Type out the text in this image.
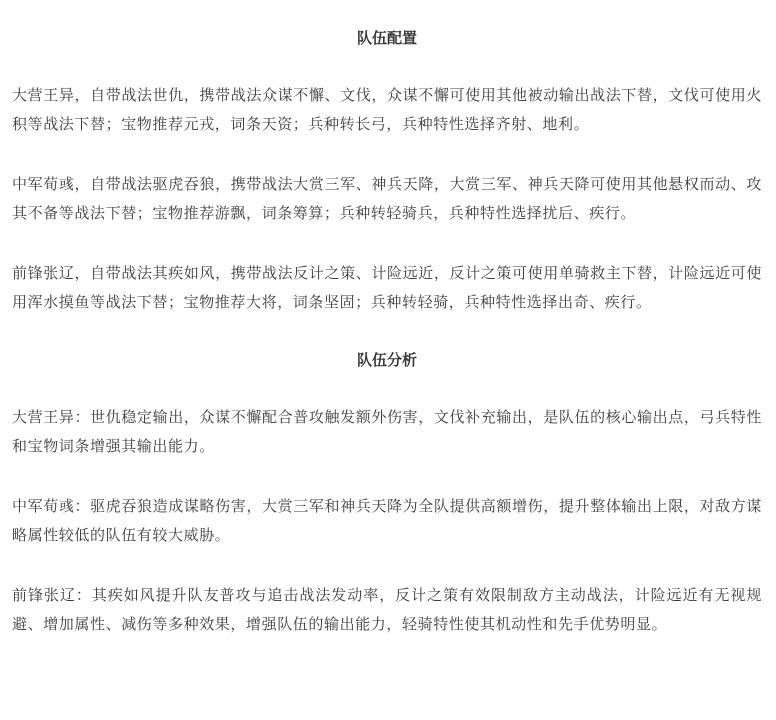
队伍配置

大营王异，自带战法世仇，携带战法众谋不懈、文伐，众谋不懈可使用其他被动输出战法下替，文伐可使用火积等战法下替；宝物推荐元戎，词条天资；兵种转长弓，兵种特性选择齐射、地利。

中军荀彧，自带战法驱虎吞狼，携带战法大赏三军、神兵天降，大赏三军、神兵天降可使用其他悬权而动、攻其不备等战法下替；宝物推荐游飘，词条筹算；兵种转轻骑兵，兵种特性选择扰后、疾行。

前锋张辽，自带战法其疾如风，携带战法反计之策、计险远近，反计之策可使用单骑救主下替，计险远近可使用浑水摸鱼等战法下替；宝物推荐大将，词条坚固；兵种转轻骑，兵种特性选择出奇、疾行。

队伍分析

大营王异：世仇稳定输出，众谋不懈配合普攻触发额外伤害，文伐补充输出，是队伍的核心输出点，弓兵特性和宝物词条增强其输出能力。

中军荀彧：驱虎吞狼造成谋略伤害，大赏三军和神兵天降为全队提供高额增伤，提升整体输出上限，对敌方谋略属性较低的队伍有较大威胁。

前锋张辽：其疾如风提升队友普攻与追击战法发动率，反计之策有效限制敌方主动战法，计险远近有无视规避、增加属性、减伤等多种效果，增强队伍的输出能力，轻骑特性使其机动性和先手优势明显。
